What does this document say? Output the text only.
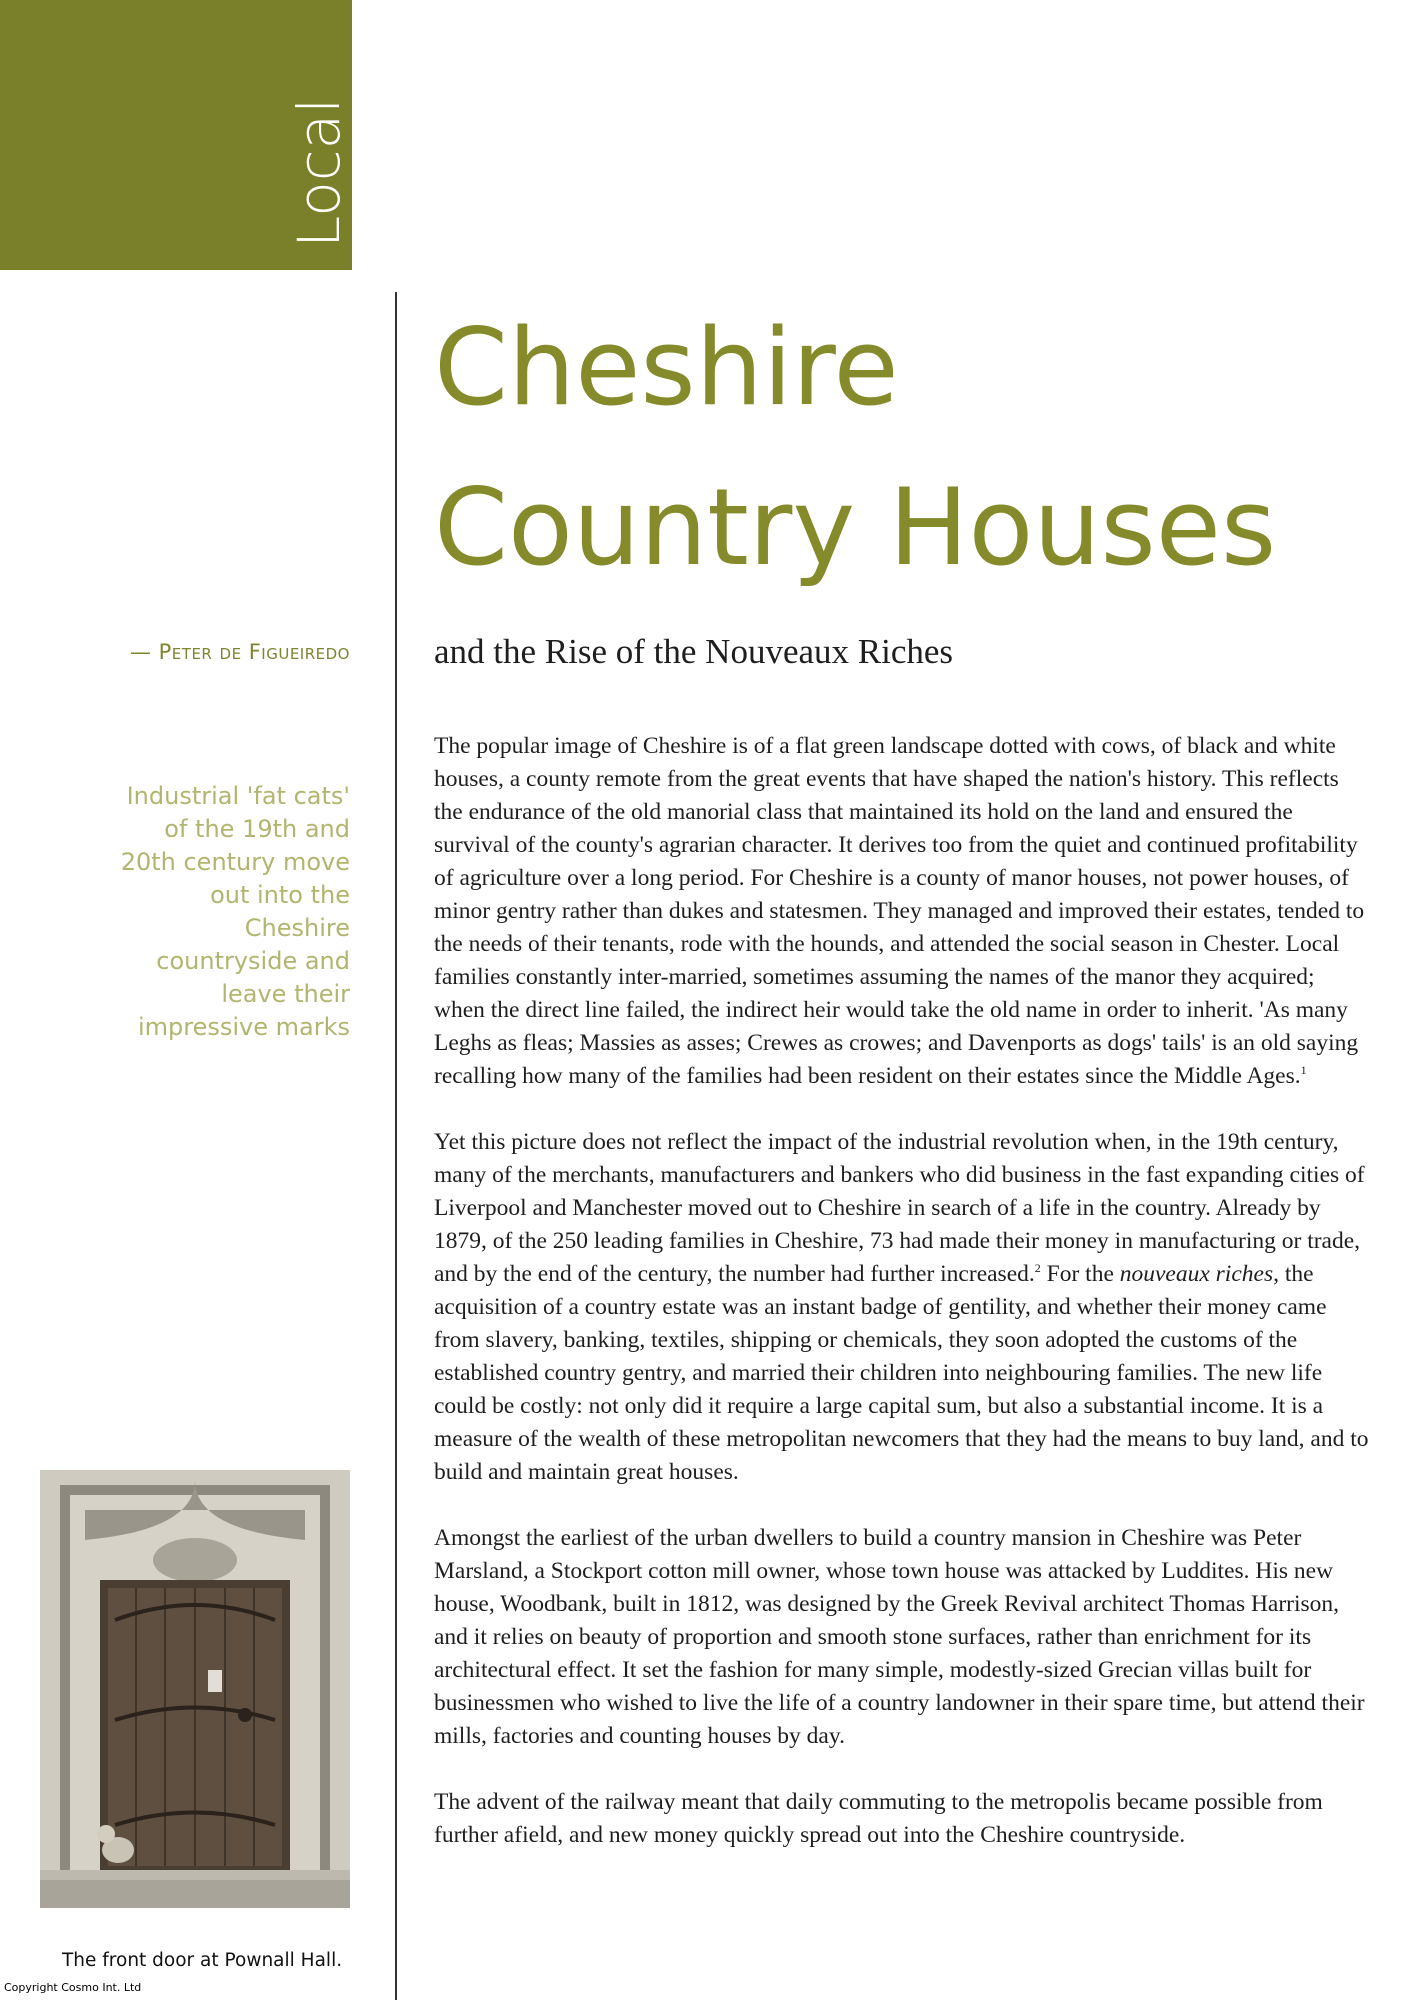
Local
History
Cheshire
Country Houses
and the Rise of the Nouveaux Riches
— Peter de Figueiredo
Industrial 'fat cats'
of the 19th and
20th century move
out into the
Cheshire
countryside and
leave their
impressive marks

The popular image of Cheshire is of a flat green landscape dotted with cows, of black and white houses, a county remote from the great events that have shaped the nation's history. This reflects the endurance of the old manorial class that maintained its hold on the land and ensured the survival of the county's agrarian character. It derives too from the quiet and continued profitability of agriculture over a long period. For Cheshire is a county of manor houses, not power houses, of minor gentry rather than dukes and statesmen. They managed and improved their estates, tended to the needs of their tenants, rode with the hounds, and attended the social season in Chester. Local families constantly inter-married, sometimes assuming the names of the manor they acquired; when the direct line failed, the indirect heir would take the old name in order to inherit. 'As many Leghs as fleas; Massies as asses; Crewes as crowes; and Davenports as dogs' tails' is an old saying recalling how many of the families had been resident on their estates since the Middle Ages.$^1$

Yet this picture does not reflect the impact of the industrial revolution when, in the 19th century, many of the merchants, manufacturers and bankers who did business in the fast expanding cities of Liverpool and Manchester moved out to Cheshire in search of a life in the country. Already by 1879, of the 250 leading families in Cheshire, 73 had made their money in manufacturing or trade, and by the end of the century, the number had further increased.$^2$ For the nouveaux riches, the acquisition of a country estate was an instant badge of gentility, and whether their money came from slavery, banking, textiles, shipping or chemicals, they soon adopted the customs of the established country gentry, and married their children into neighbouring families. The new life could be costly: not only did it require a large capital sum, but also a substantial income. It is a measure of the wealth of these metropolitan newcomers that they had the means to buy land, and to build and maintain great houses.

Amongst the earliest of the urban dwellers to build a country mansion in Cheshire was Peter Marsland, a Stockport cotton mill owner, whose town house was attacked by Luddites. His new house, Woodbank, built in 1812, was designed by the Greek Revival architect Thomas Harrison, and it relies on beauty of proportion and smooth stone surfaces, rather than enrichment for its architectural effect. It set the fashion for many simple, modestly-sized Grecian villas built for businessmen who wished to live the life of a country landowner in their spare time, but attend their mills, factories and counting houses by day.

The advent of the railway meant that daily commuting to the metropolis became possible from further afield, and new money quickly spread out into the Cheshire countryside.

The front door at Pownall Hall.
Copyright Cosmo Int. Ltd
